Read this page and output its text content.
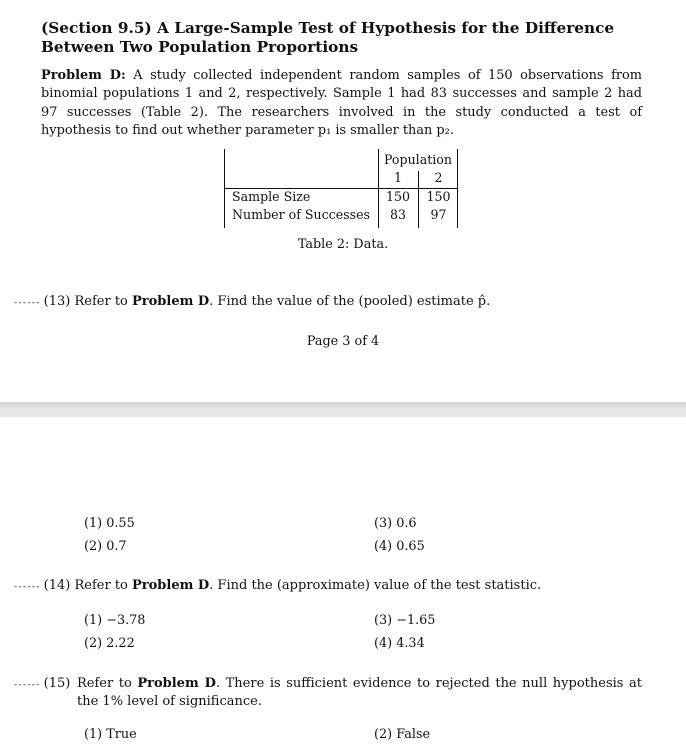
(Section 9.5) A Large-Sample Test of Hypothesis for the Difference Between Two Population Proportions
Problem D: A study collected independent random samples of 150 observations from binomial populations 1 and 2, respectively. Sample 1 had 83 successes and sample 2 had 97 successes (Table 2). The researchers involved in the study conducted a test of hypothesis to find out whether parameter p₁ is smaller than p₂.
Population
1	2
Sample Size	150	150
Number of Successes	83	97
Table 2: Data.
------ (13) Refer to Problem D. Find the value of the (pooled) estimate p̂.
Page 3 of 4
(1) 0.55
(2) 0.7
(3) 0.6
(4) 0.65
------ (14) Refer to Problem D. Find the (approximate) value of the test statistic.
(1) −3.78
(2) 2.22
(3) −1.65
(4) 4.34
------ (15) Refer to Problem D. There is sufficient evidence to rejected the null hypothesis at the 1% level of significance.
(1) True	(2) False
